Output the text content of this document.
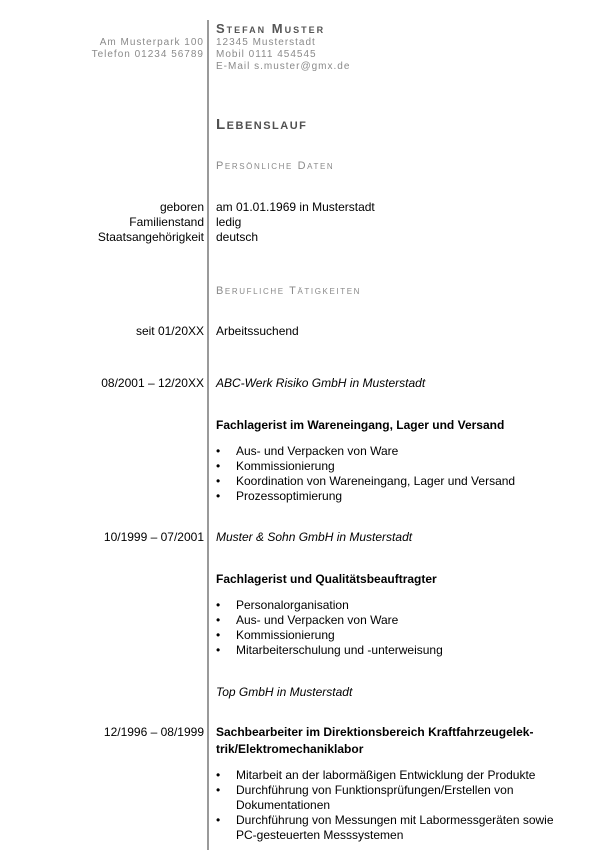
Stefan Muster
Am Musterpark 100
Telefon 01234 56789
12345 Musterstadt
Mobil 0111 454545
E-Mail s.muster@gmx.de
Lebenslauf
Persönliche Daten
geboren am 01.01.1969 in Musterstadt
Familienstand ledig
Staatsangehörigkeit deutsch
Berufliche Tätigkeiten
seit 01/20XX Arbeitssuchend
08/2001 – 12/20XX ABC-Werk Risiko GmbH in Musterstadt
Fachlagerist im Wareneingang, Lager und Versand
• Aus- und Verpacken von Ware
• Kommissionierung
• Koordination von Wareneingang, Lager und Versand
• Prozessoptimierung
10/1999 – 07/2001 Muster & Sohn GmbH in Musterstadt
Fachlagerist und Qualitätsbeauftragter
• Personalorganisation
• Aus- und Verpacken von Ware
• Kommissionierung
• Mitarbeiterschulung und -unterweisung
Top GmbH in Musterstadt
12/1996 – 08/1999 Sachbearbeiter im Direktionsbereich Kraftfahrzeugelek-
trik/Elektromechaniklabor
• Mitarbeit an der labormäßigen Entwicklung der Produkte
• Durchführung von Funktionsprüfungen/Erstellen von Dokumentationen
• Durchführung von Messungen mit Labormessgeräten sowie PC-gesteuerten Messsystemen
